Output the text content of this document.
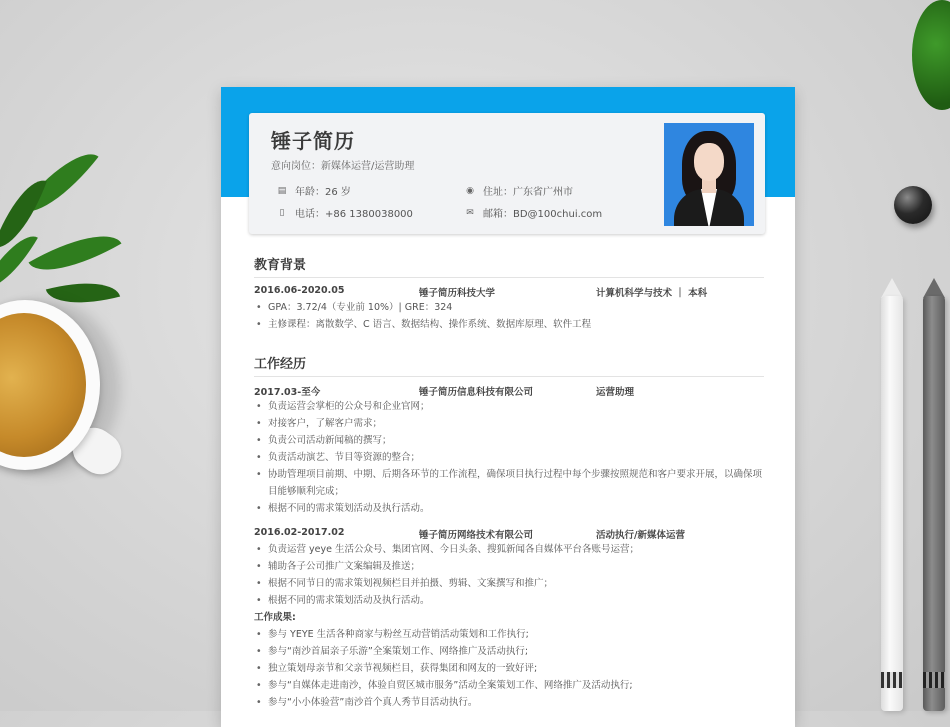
锤子简历
意向岗位：新媒体运营/运营助理
▤ 年龄：26 岁	◉ 住址：广东省广州市
▯	电话：+86 1380038000	✉ 邮箱：BD@100chui.com
教育背景
2016.06-2020.05	锤子简历科技大学	计算机科学与技术 ｜ 本科
• GPA：3.72/4（专业前 10%）| GRE：324
• 主修课程：离散数学、C 语言、数据结构、操作系统、数据库原理、软件工程
工作经历
2017.03-至今	锤子简历信息科技有限公司	运营助理
• 负责运营会掌柜的公众号和企业官网；
• 对接客户，了解客户需求；
• 负责公司活动新闻稿的撰写；
• 负责活动演艺、节目等资源的整合；
• 协助管理项目前期、中期、后期各环节的工作流程，确保项目执行过程中每个步骤按照规范和客户要求开展，以确保项目能够顺利完成；
• 根据不同的需求策划活动及执行活动。
2016.02-2017.02	锤子简历网络技术有限公司	活动执行/新媒体运营
• 负责运营 yeye 生活公众号、集团官网、今日头条、搜狐新闻各自媒体平台各账号运营；
• 辅助各子公司推广文案编辑及推送；
• 根据不同节日的需求策划视频栏目并拍摄、剪辑、文案撰写和推广；
• 根据不同的需求策划活动及执行活动。
工作成果:
• 参与 YEYE 生活各种商家与粉丝互动营销活动策划和工作执行;
• 参与“南沙首届亲子乐游”全案策划工作、网络推广及活动执行;
• 独立策划母亲节和父亲节视频栏目，获得集团和网友的一致好评;
• 参与“自媒体走进南沙，体验自贸区城市服务”活动全案策划工作、网络推广及活动执行;
• 参与“小小体验营”南沙首个真人秀节目活动执行。
